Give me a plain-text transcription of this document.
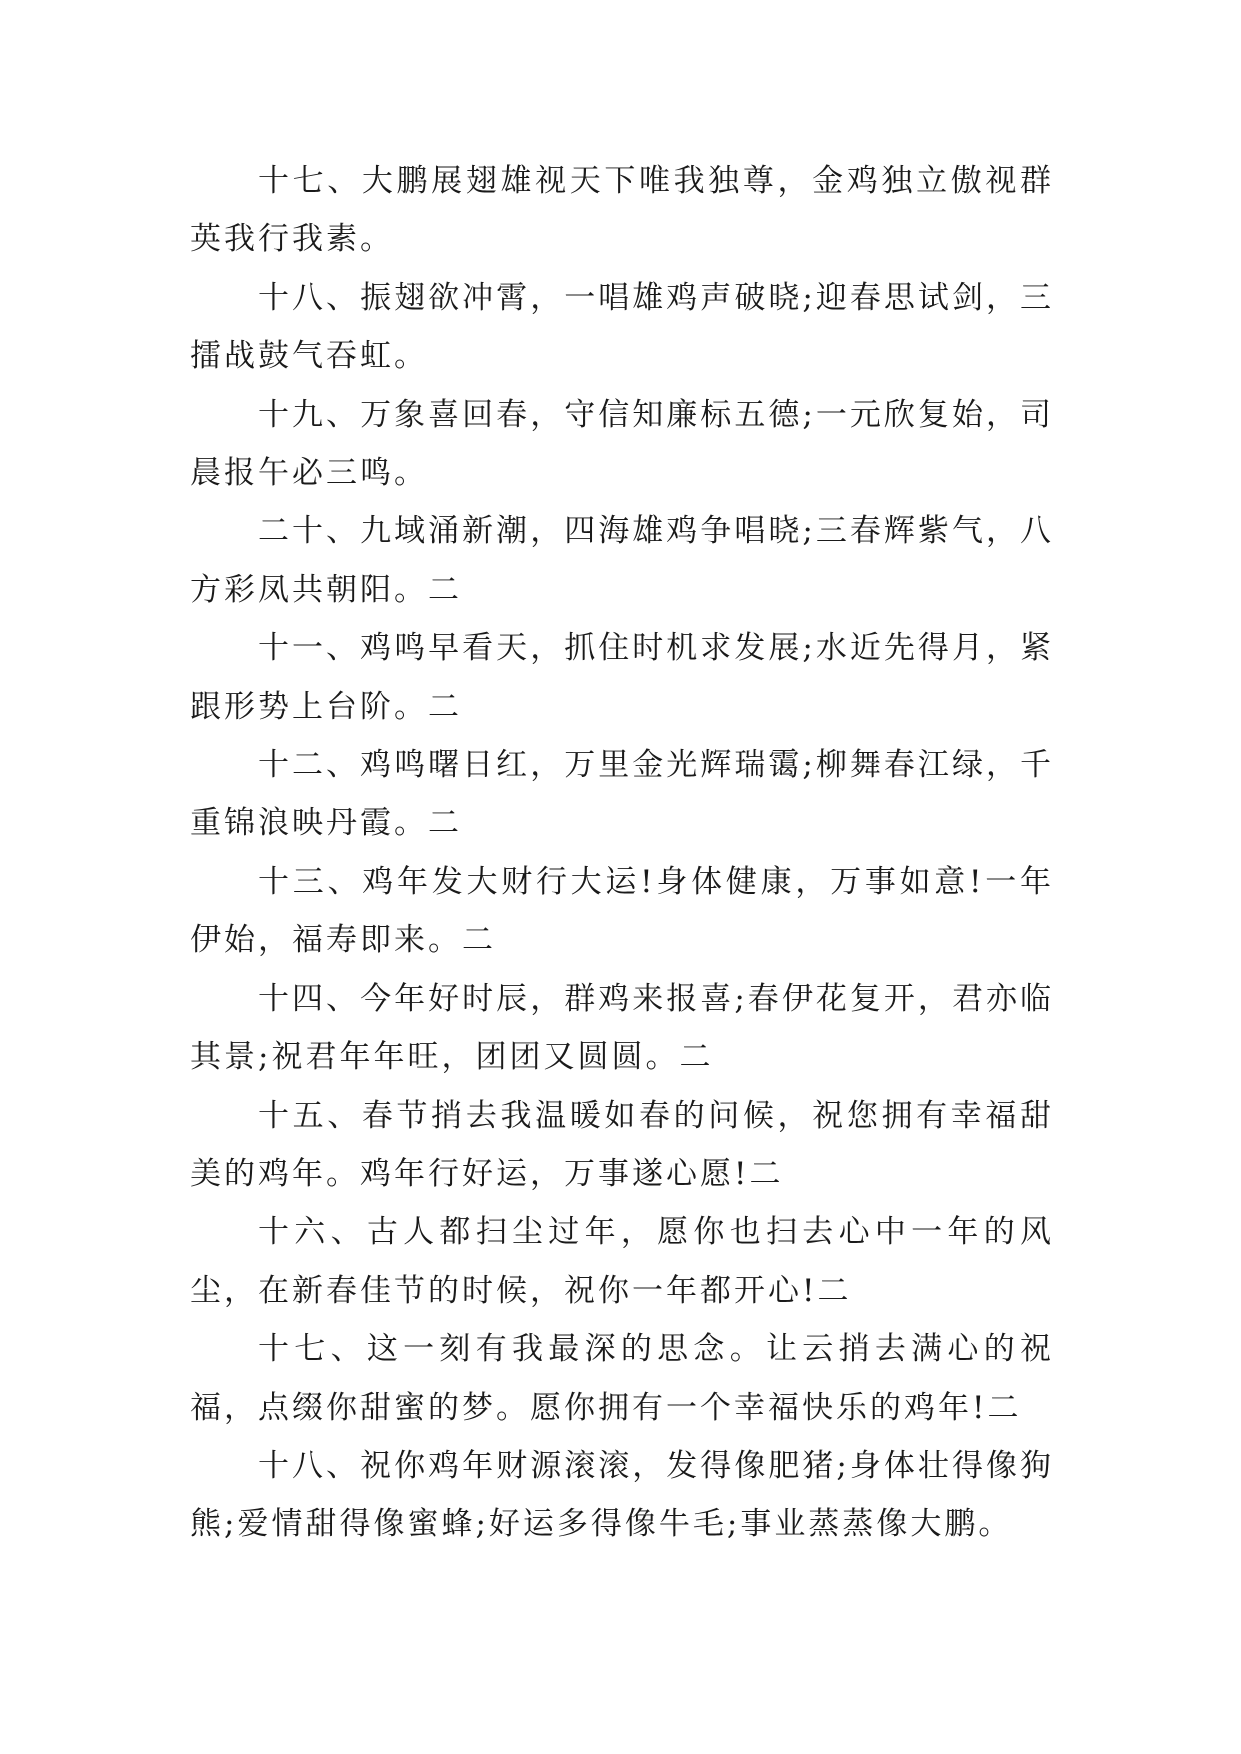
十七、大鹏展翅雄视天下唯我独尊，金鸡独立傲视群英我行我素。

十八、振翅欲冲霄，一唱雄鸡声破晓;迎春思试剑，三擂战鼓气吞虹。

十九、万象喜回春，守信知廉标五德;一元欣复始，司晨报午必三鸣。

二十、九域涌新潮，四海雄鸡争唱晓;三春辉紫气，八方彩凤共朝阳。二

十一、鸡鸣早看天，抓住时机求发展;水近先得月，紧跟形势上台阶。二

十二、鸡鸣曙日红，万里金光辉瑞霭;柳舞春江绿，千重锦浪映丹霞。二

十三、鸡年发大财行大运!身体健康，万事如意!一年伊始，福寿即来。二

十四、今年好时辰，群鸡来报喜;春伊花复开，君亦临其景;祝君年年旺，团团又圆圆。二

十五、春节捎去我温暖如春的问候，祝您拥有幸福甜美的鸡年。鸡年行好运，万事遂心愿!二

十六、古人都扫尘过年，愿你也扫去心中一年的风尘，在新春佳节的时候，祝你一年都开心!二

十七、这一刻有我最深的思念。让云捎去满心的祝福，点缀你甜蜜的梦。愿你拥有一个幸福快乐的鸡年!二

十八、祝你鸡年财源滚滚，发得像肥猪;身体壮得像狗熊;爱情甜得像蜜蜂;好运多得像牛毛;事业蒸蒸像大鹏。
